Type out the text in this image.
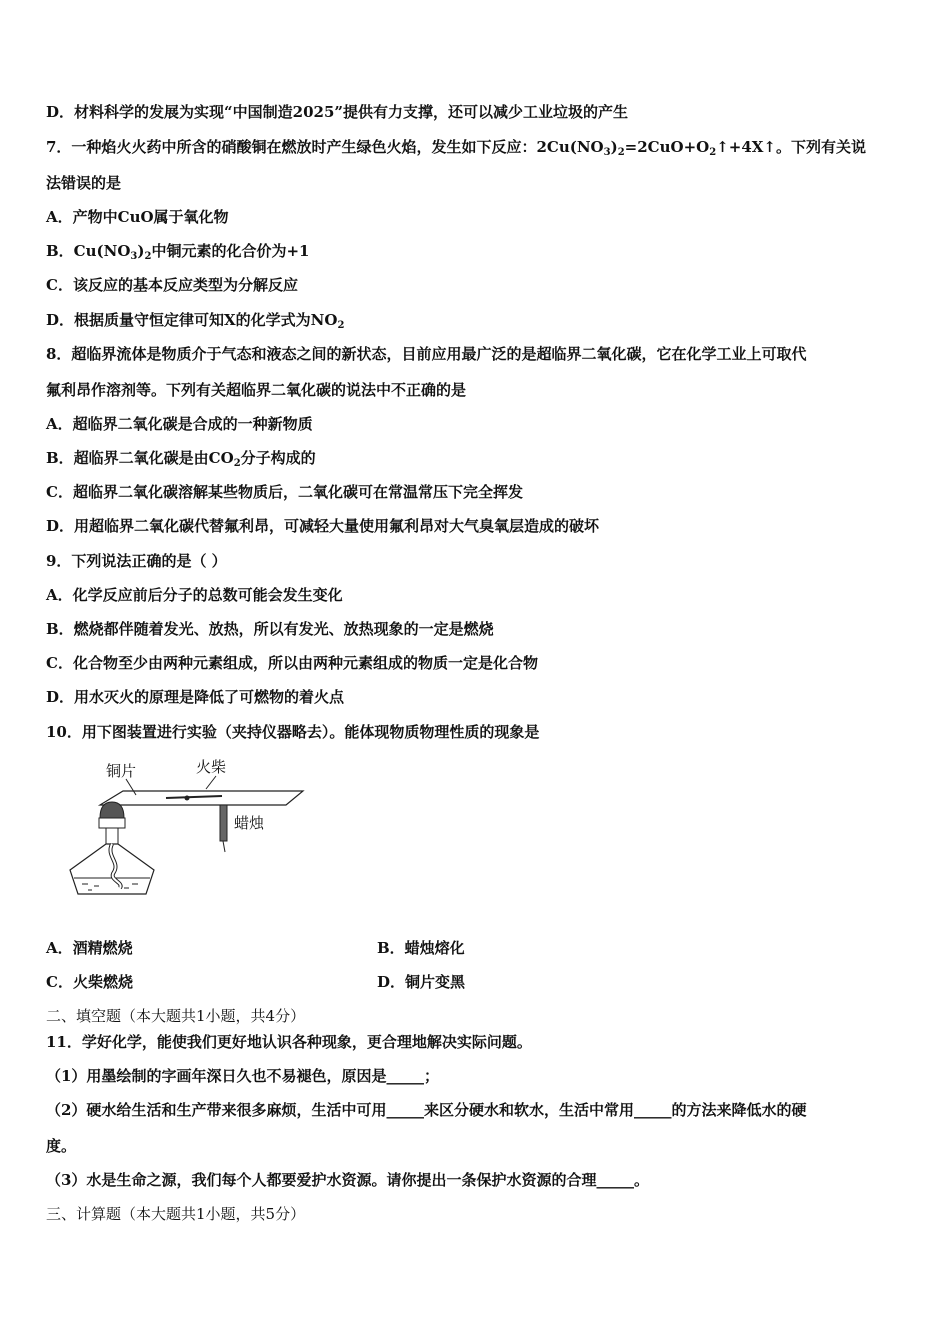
D．材料科学的发展为实现“中国制造2025”提供有力支撑，还可以减少工业垃圾的产生
7．一种焰火火药中所含的硝酸铜在燃放时产生绿色火焰，发生如下反应：$2Cu(NO_3)_2=2CuO+O_2↑+4X↑$。下列有关说
法错误的是
A．产物中CuO属于氧化物
B．$Cu(NO_3)_2$中铜元素的化合价为+1
C．该反应的基本反应类型为分解反应
D．根据质量守恒定律可知X的化学式为$NO_2$
8．超临界流体是物质介于气态和液态之间的新状态，目前应用最广泛的是超临界二氧化碳，它在化学工业上可取代
氟利昂作溶剂等。下列有关超临界二氧化碳的说法中不正确的是
A．超临界二氧化碳是合成的一种新物质
B．超临界二氧化碳是由$CO_2$分子构成的
C．超临界二氧化碳溶解某些物质后，二氧化碳可在常温常压下完全挥发
D．用超临界二氧化碳代替氟利昂，可减轻大量使用氟利昂对大气臭氧层造成的破坏
9．下列说法正确的是（ ）
A．化学反应前后分子的总数可能会发生变化
B．燃烧都伴随着发光、放热，所以有发光、放热现象的一定是燃烧
C．化合物至少由两种元素组成，所以由两种元素组成的物质一定是化合物
D．用水灭火的原理是降低了可燃物的着火点
10．用下图装置进行实验（夹持仪器略去）。能体现物质物理性质的现象是
铜片	火柴
蜡烛
A．酒精燃烧	B．蜡烛熔化
C．火柴燃烧	D．铜片变黑
二、填空题（本大题共1小题，共4分）
11．学好化学，能使我们更好地认识各种现象，更合理地解决实际问题。
（1）用墨绘制的字画年深日久也不易褪色，原因是_____；
（2）硬水给生活和生产带来很多麻烦，生活中可用_____来区分硬水和软水，生活中常用_____的方法来降低水的硬
度。
（3）水是生命之源，我们每个人都要爱护水资源。请你提出一条保护水资源的合理_____。
三、计算题（本大题共1小题，共5分）
